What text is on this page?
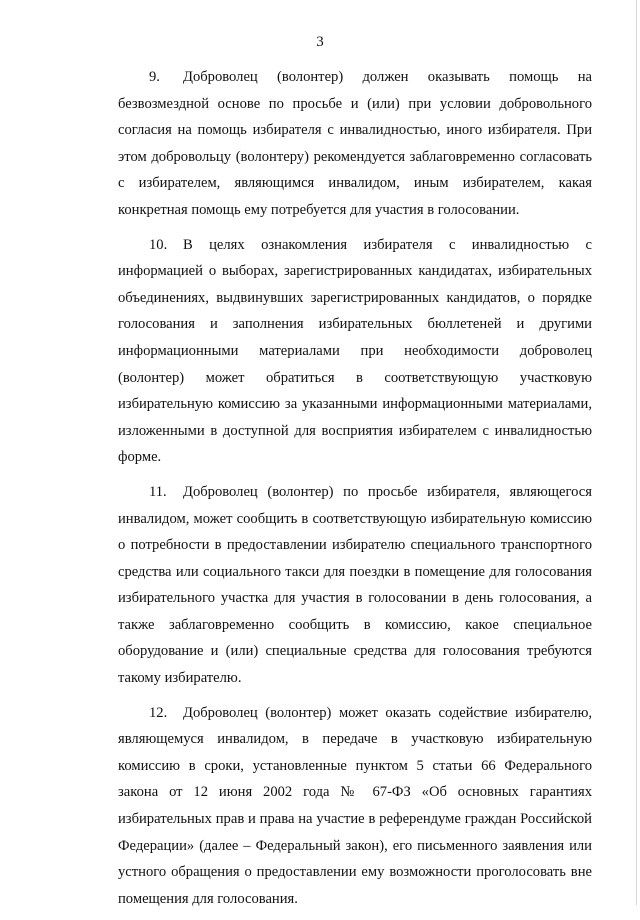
3

9. Доброволец (волонтер) должен оказывать помощь на безвозмездной основе по просьбе и (или) при условии добровольного согласия на помощь избирателя с инвалидностью, иного избирателя. При этом добровольцу (волонтеру) рекомендуется заблаговременно согласовать с избирателем, являющимся инвалидом, иным избирателем, какая конкретная помощь ему потребуется для участия в голосовании.

10. В целях ознакомления избирателя с инвалидностью с информацией о выборах, зарегистрированных кандидатах, избирательных объединениях, выдвинувших зарегистрированных кандидатов, о порядке голосования и заполнения избирательных бюллетеней и другими информационными материалами при необходимости доброволец (волонтер) может обратиться в соответствующую участковую избирательную комиссию за указанными информационными материалами, изложенными в доступной для восприятия избирателем с инвалидностью форме.

11. Доброволец (волонтер) по просьбе избирателя, являющегося инвалидом, может сообщить в соответствующую избирательную комиссию о потребности в предоставлении избирателю специального транспортного средства или социального такси для поездки в помещение для голосования избирательного участка для участия в голосовании в день голосования, а также заблаговременно сообщить в комиссию, какое специальное оборудование и (или) специальные средства для голосования требуются такому избирателю.

12. Доброволец (волонтер) может оказать содействие избирателю, являющемуся инвалидом, в передаче в участковую избирательную комиссию в сроки, установленные пунктом 5 статьи 66 Федерального закона от 12 июня 2002 года № 67-ФЗ «Об основных гарантиях избирательных прав и права на участие в референдуме граждан Российской Федерации» (далее – Федеральный закон), его письменного заявления или устного обращения о предоставлении ему возможности проголосовать вне помещения для голосования.
